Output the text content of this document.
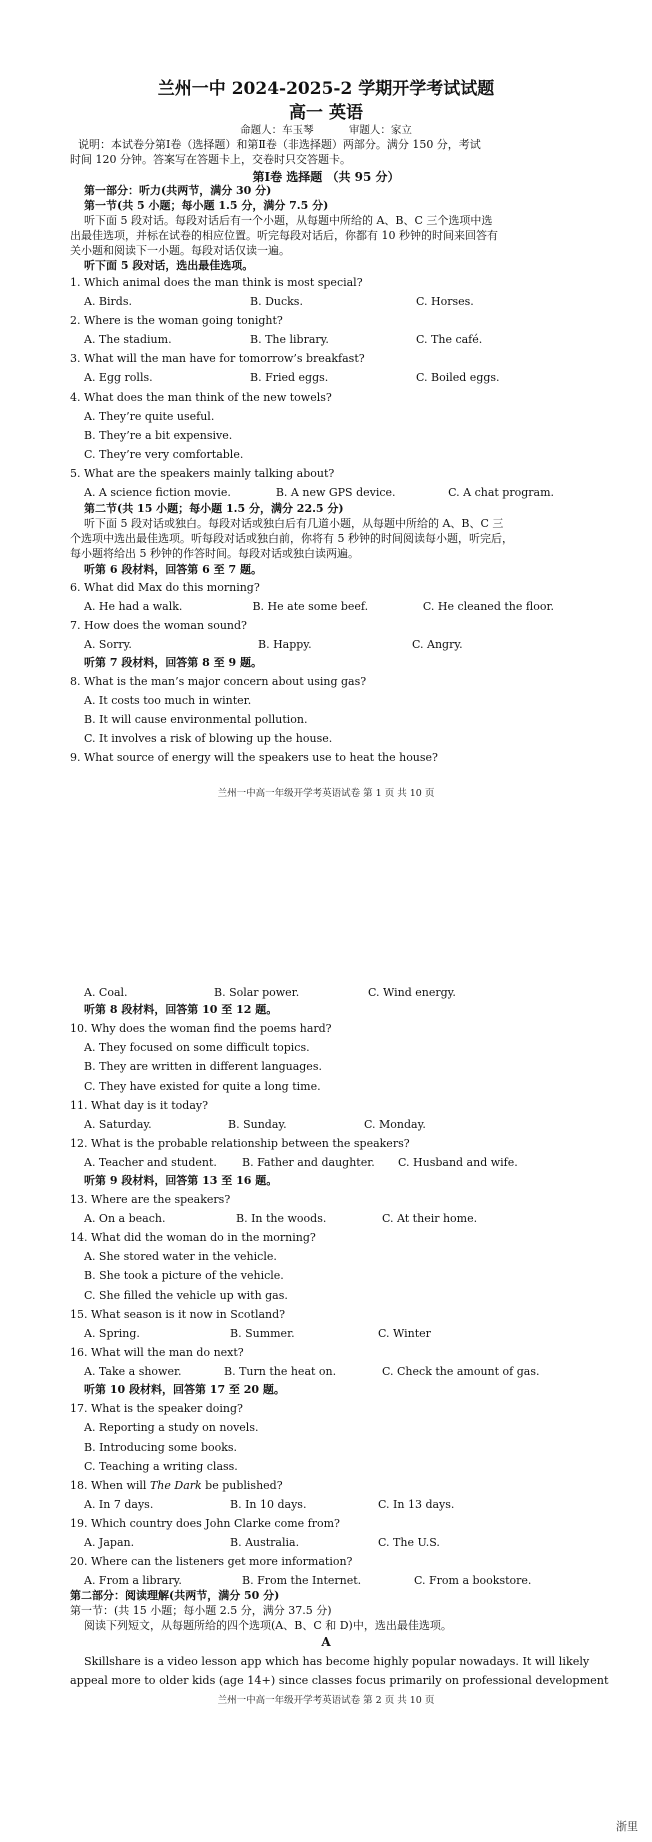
兰州一中 2024-2025-2 学期开学考试试题
高一 英语
命题人：车玉琴	审题人：家立
说明：本试卷分第Ⅰ卷（选择题）和第Ⅱ卷（非选择题）两部分。满分 150 分，考试
时间 120 分钟。答案写在答题卡上，交卷时只交答题卡。
第Ⅰ卷 选择题 （共 95 分）
第一部分：听力(共两节，满分 30 分)
第一节(共 5 小题；每小题 1.5 分，满分 7.5 分)
听下面 5 段对话。每段对话后有一个小题，从每题中所给的 A、B、C 三个选项中选
出最佳选项，并标在试卷的相应位置。听完每段对话后，你都有 10 秒钟的时间来回答有
关小题和阅读下一小题。每段对话仅读一遍。
听下面 5 段对话，选出最佳选项。
1. Which animal does the man think is most special?
A. Birds.	B. Ducks.	C. Horses.
2. Where is the woman going tonight?
A. The stadium.	B. The library.	C. The café.
3. What will the man have for tomorrow’s breakfast?
A. Egg rolls.	B. Fried eggs.	C. Boiled eggs.
4. What does the man think of the new towels?
A. They’re quite useful.
B. They’re a bit expensive.
C. They’re very comfortable.
5. What are the speakers mainly talking about?
A. A science fiction movie.	B. A new GPS device.	C. A chat program.
第二节(共 15 小题；每小题 1.5 分，满分 22.5 分)
听下面 5 段对话或独白。每段对话或独白后有几道小题，从每题中所给的 A、B、C 三
个选项中选出最佳选项。听每段对话或独白前，你将有 5 秒钟的时间阅读每小题，听完后，
每小题将给出 5 秒钟的作答时间。每段对话或独白读两遍。
听第 6 段材料，回答第 6 至 7 题。
6. What did Max do this morning?
A. He had a walk.	B. He ate some beef.	C. He cleaned the floor.
7. How does the woman sound?
A. Sorry.	B. Happy.	C. Angry.
听第 7 段材料，回答第 8 至 9 题。
8. What is the man’s major concern about using gas?
A. It costs too much in winter.
B. It will cause environmental pollution.
C. It involves a risk of blowing up the house.
9. What source of energy will the speakers use to heat the house?
兰州一中高一年级开学考英语试卷 第 1 页 共 10 页
A. Coal.	B. Solar power.	C. Wind energy.
听第 8 段材料，回答第 10 至 12 题。
10. Why does the woman find the poems hard?
A. They focused on some difficult topics.
B. They are written in different languages.
C. They have existed for quite a long time.
11. What day is it today?
A. Saturday.	B. Sunday.	C. Monday.
12. What is the probable relationship between the speakers?
A. Teacher and student.	B. Father and daughter.	C. Husband and wife.
听第 9 段材料，回答第 13 至 16 题。
13. Where are the speakers?
A. On a beach.	B. In the woods.	C. At their home.
14. What did the woman do in the morning?
A. She stored water in the vehicle.
B. She took a picture of the vehicle.
C. She filled the vehicle up with gas.
15. What season is it now in Scotland?
A. Spring.	B. Summer.	C. Winter
16. What will the man do next?
A. Take a shower.	B. Turn the heat on.	C. Check the amount of gas.
听第 10 段材料，回答第 17 至 20 题。
17. What is the speaker doing?
A. Reporting a study on novels.
B. Introducing some books.
C. Teaching a writing class.
18. When will The Dark be published?
A. In 7 days.	B. In 10 days.	C. In 13 days.
19. Which country does John Clarke come from?
A. Japan.	B. Australia.	C. The U.S.
20. Where can the listeners get more information?
A. From a library.	B. From the Internet.	C. From a bookstore.
第二部分：阅读理解(共两节，满分 50 分)
第一节：(共 15 小题；每小题 2.5 分，满分 37.5 分)
阅读下列短文，从每题所给的四个选项(A、B、C 和 D)中，选出最佳选项。
A
Skillshare is a video lesson app which has become highly popular nowadays. It will likely
appeal more to older kids (age 14+) since classes focus primarily on professional development
兰州一中高一年级开学考英语试卷 第 2 页 共 10 页
浙里
